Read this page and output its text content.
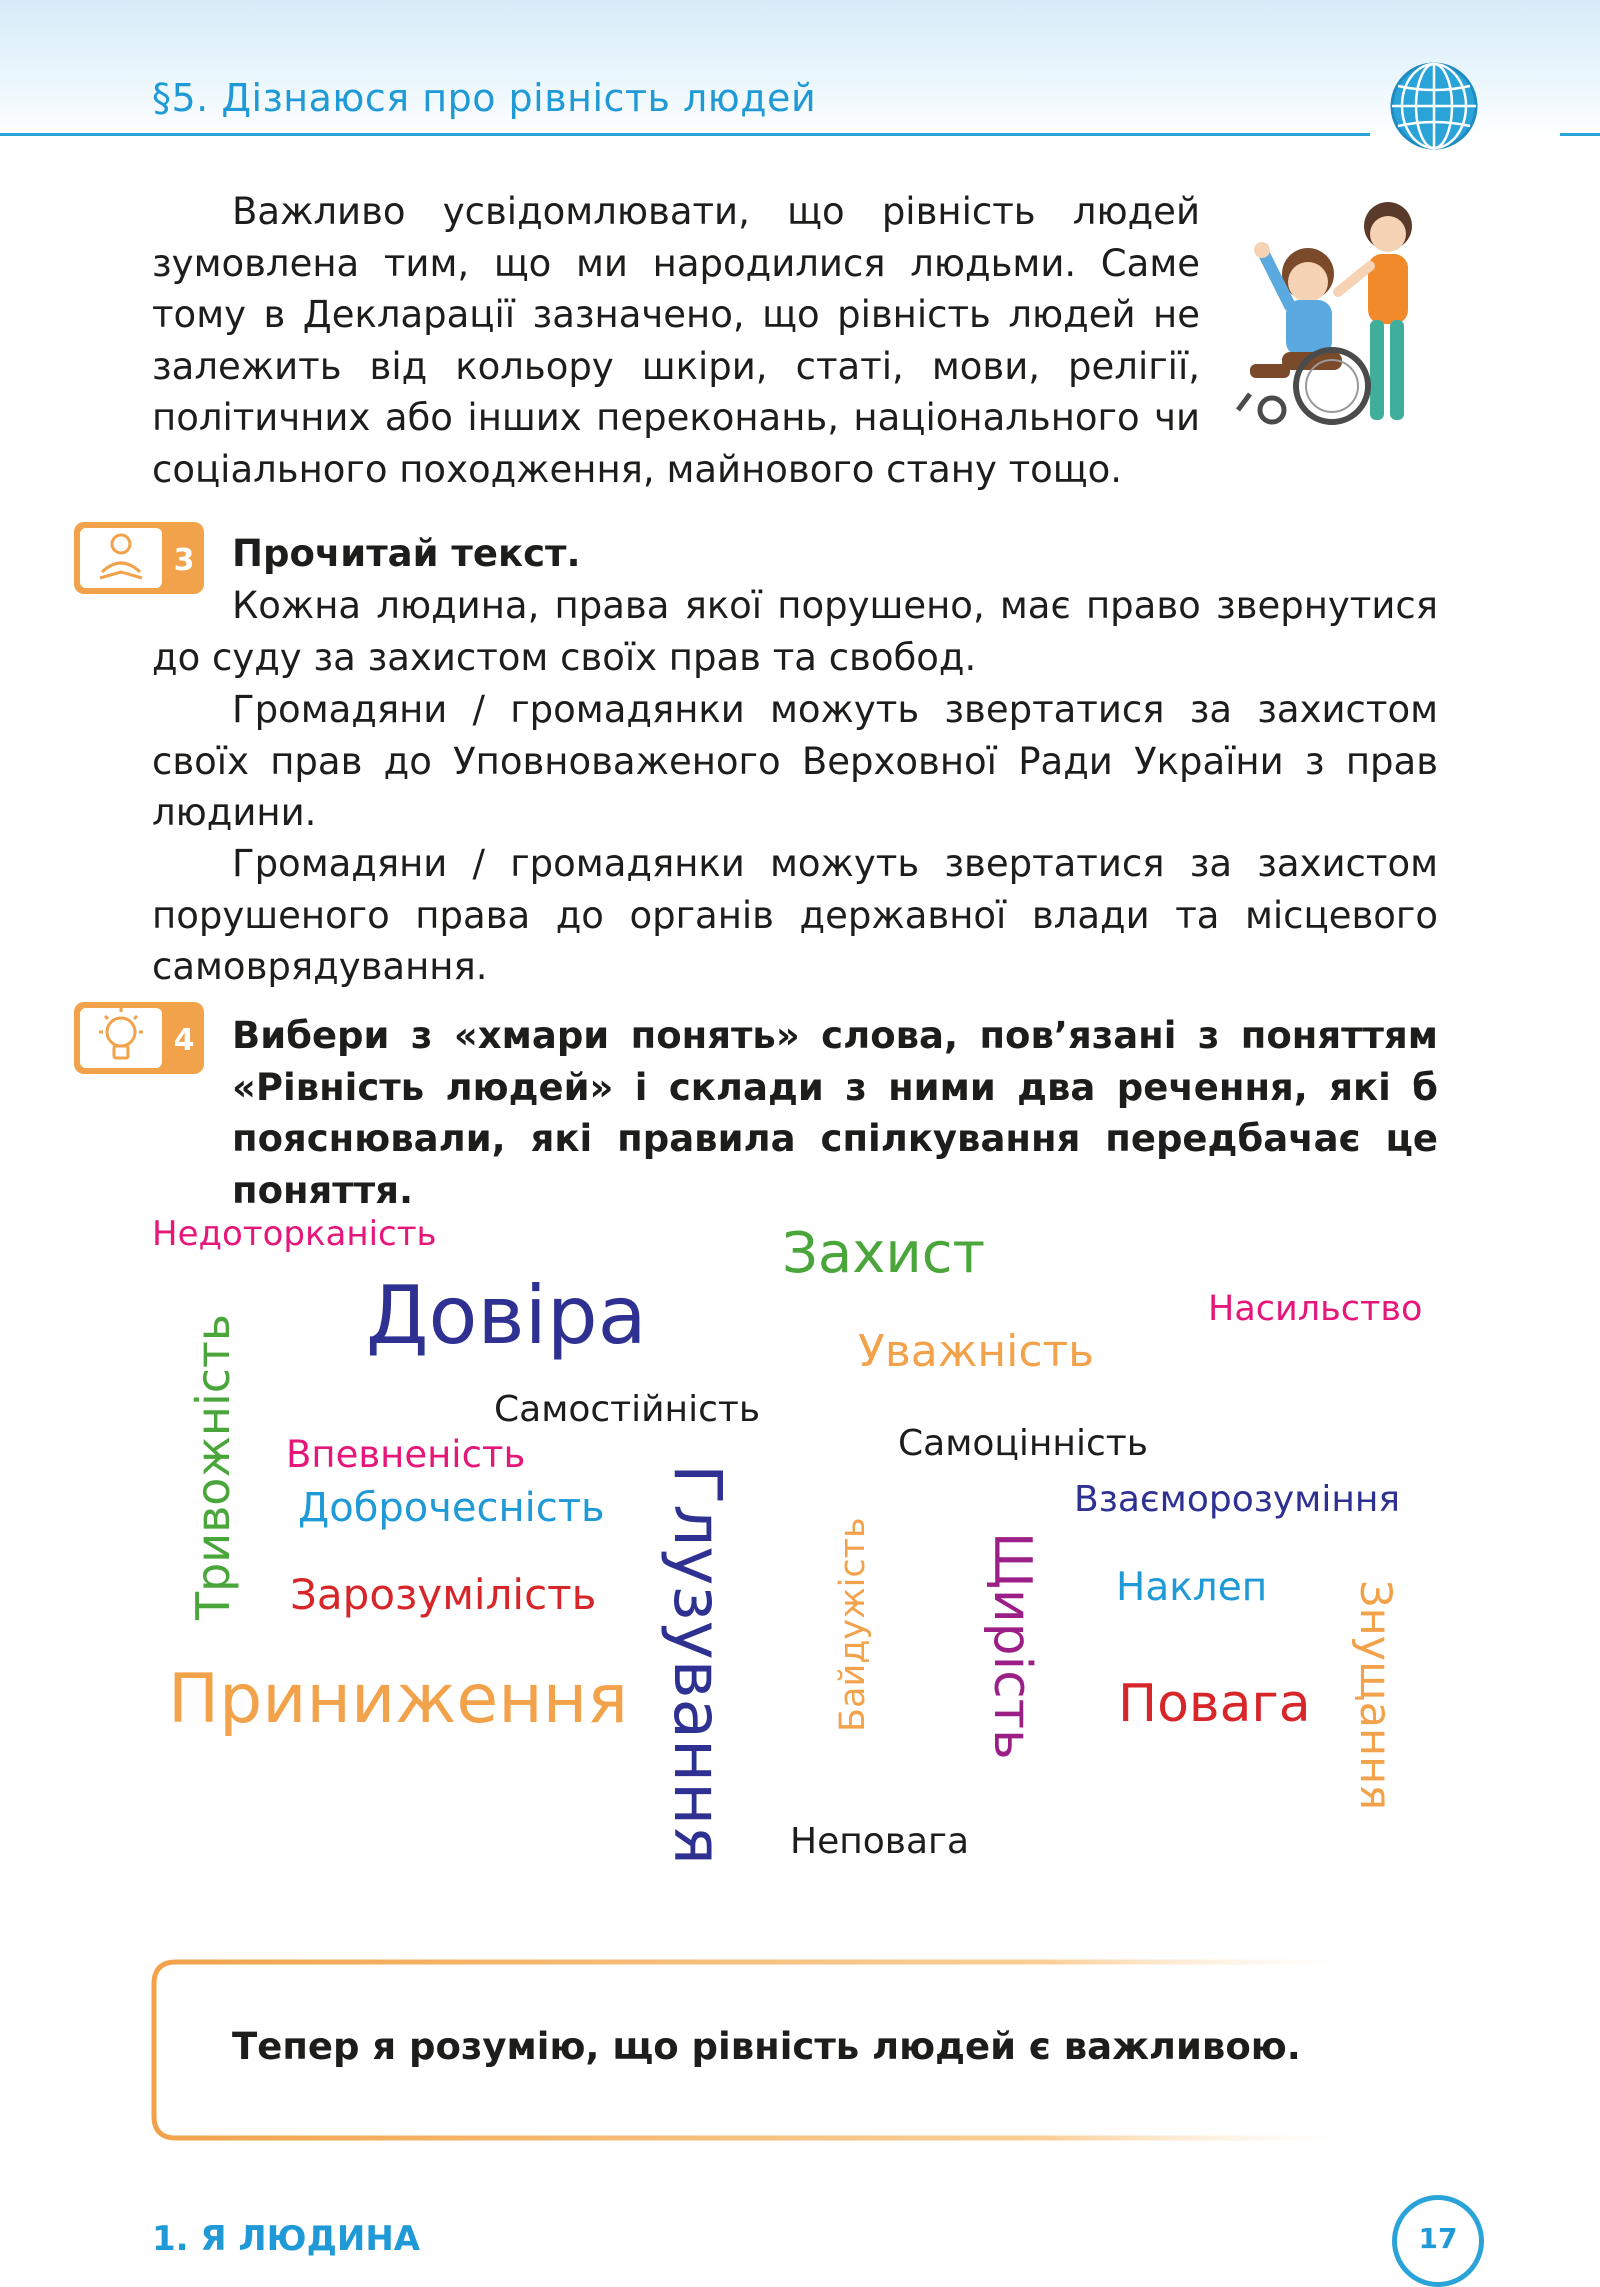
§5. Дізнаюся про рівність людей

Важливо усвідомлювати, що рівність людей зумовлена тим, що ми народилися людьми. Саме тому в Декларації зазначено, що рівність людей не залежить від кольору шкіри, статі, мови, релігії, політичних або інших переконань, національного чи соціального походження, майнового стану тощо.

3 Прочитай текст.

Кожна людина, права якої порушено, має право звернутися до суду за захистом своїх прав та свобод.

Громадяни / громадянки можуть звертатися за захистом своїх прав до Уповноваженого Верховної Ради України з прав людини.

Громадяни / громадянки можуть звертатися за захистом порушеного права до органів державної влади та місцевого самоврядування.

4 Вибери з «хмари понять» слова, пов’язані з поняттям «Рівність людей» і склади з ними два речення, які б пояснювали, які правила спілкування передбачає це поняття.

Недоторканість	Захист
Довіра	Насильство
Уважність
Тривожність	Самостійність
Самоцінність
Впевненість
Доброчесність	Взаєморозуміння
Глузування	Байдужість Щирість Наклеп
Зарозумілість	Знущання
Приниження	Повага
Неповага
Тепер я розумію, що рівність людей є важливою.
1. Я ЛЮДИНА	17
